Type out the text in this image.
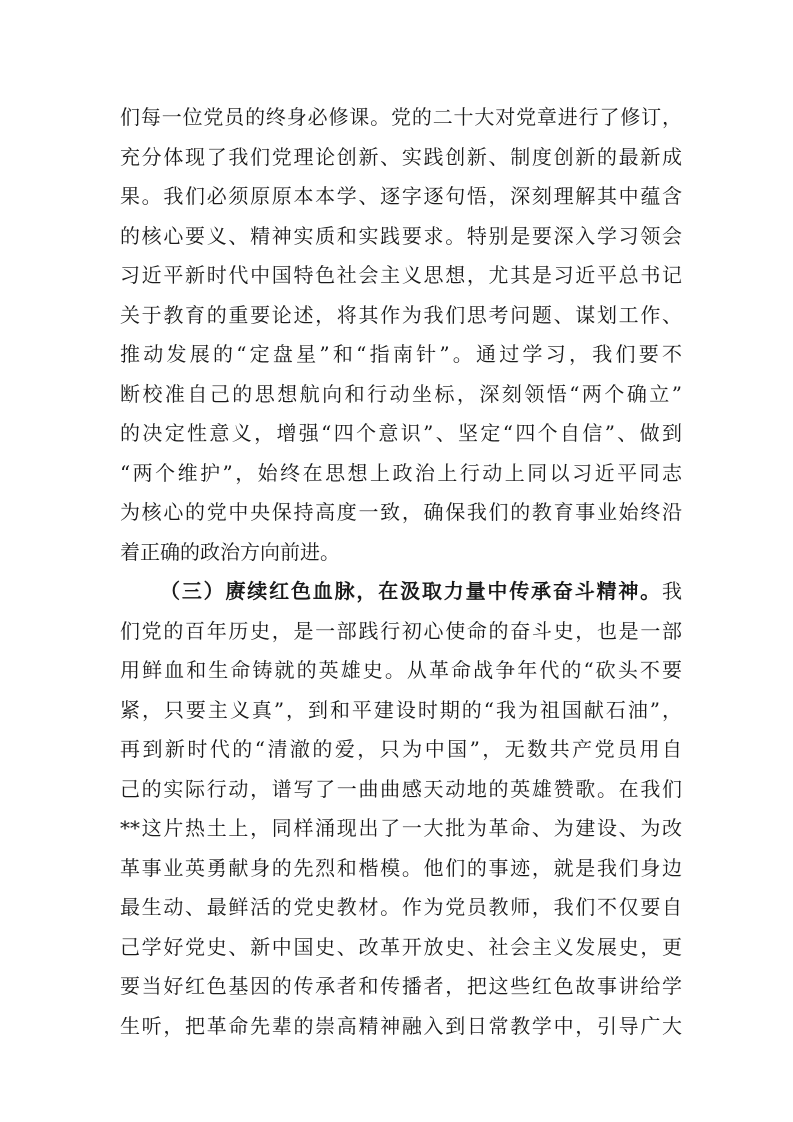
们每一位党员的终身必修课。党的二十大对党章进行了修订，
充分体现了我们党理论创新、实践创新、制度创新的最新成
果。我们必须原原本本学、逐字逐句悟，深刻理解其中蕴含
的核心要义、精神实质和实践要求。特别是要深入学习领会
习近平新时代中国特色社会主义思想，尤其是习近平总书记
关于教育的重要论述，将其作为我们思考问题、谋划工作、
推动发展的“定盘星”和“指南针”。通过学习，我们要不
断校准自己的思想航向和行动坐标，深刻领悟“两个确立”
的决定性意义，增强“四个意识”、坚定“四个自信”、做到
“两个维护”，始终在思想上政治上行动上同以习近平同志
为核心的党中央保持高度一致，确保我们的教育事业始终沿
着正确的政治方向前进。
（三）赓续红色血脉，在汲取力量中传承奋斗精神。我
们党的百年历史，是一部践行初心使命的奋斗史，也是一部
用鲜血和生命铸就的英雄史。从革命战争年代的“砍头不要
紧，只要主义真”，到和平建设时期的“我为祖国献石油”，
再到新时代的“清澈的爱，只为中国”，无数共产党员用自
己的实际行动，谱写了一曲曲感天动地的英雄赞歌。在我们
**这片热土上，同样涌现出了一大批为革命、为建设、为改
革事业英勇献身的先烈和楷模。他们的事迹，就是我们身边
最生动、最鲜活的党史教材。作为党员教师，我们不仅要自
己学好党史、新中国史、改革开放史、社会主义发展史，更
要当好红色基因的传承者和传播者，把这些红色故事讲给学
生听，把革命先辈的崇高精神融入到日常教学中，引导广大
